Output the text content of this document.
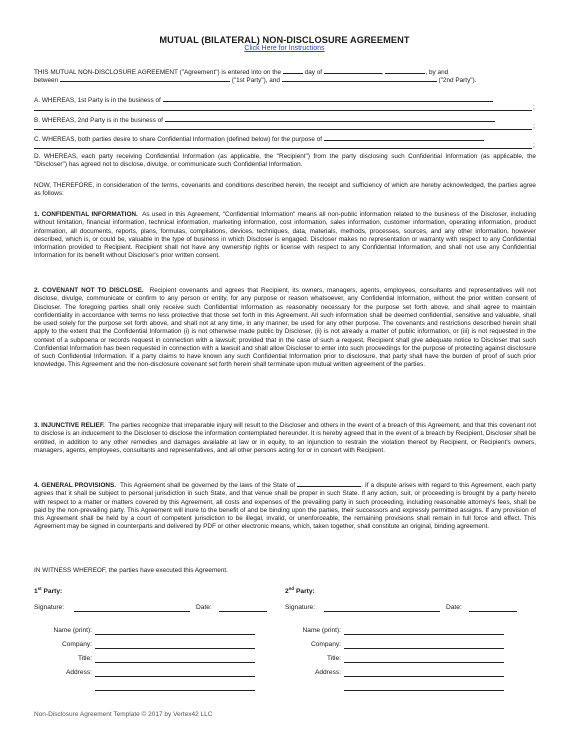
MUTUAL (BILATERAL) NON-DISCLOSURE AGREEMENT
Click Here for Instructions
THIS MUTUAL NON-DISCLOSURE AGREEMENT ("Agreement") is entered into on the	day of	,	, by and
between	("1st Party"), and	("2nd Party").
A. WHEREAS, 1st Party is in the business of
;
B. WHEREAS, 2nd Party is in the business of
;
C. WHEREAS, both parties desire to share Confidential Information (defined below) for the purpose of
;
D. WHEREAS, each party receiving Confidential Information (as applicable, the "Recipient") from the party disclosing such Confidential Information (as applicable, the "Discloser") has agreed not to disclose, divulge, or communicate such Confidential Information.
NOW, THEREFORE, in consideration of the terms, covenants and conditions described herein, the receipt and sufficiency of which are hereby acknowledged, the parties agree as follows:
1. CONFIDENTIAL INFORMATION. As used in this Agreement, "Confidential Information" means all non-public information related to the business of the Discloser, including without limitation, financial information, technical information, marketing information, cost information, sales information, customer information, operating information, product information, all documents, reports, plans, formulas, compilations, devices, techniques, data, materials, methods, processes, sources, and any other information, however described, which is, or could be, valuable in the type of business in which Discloser is engaged. Discloser makes no representation or warranty with respect to any Confidential Information provided to Recipient. Recipient shall not have any ownership rights or license with respect to any Confidential Information, and shall not use any Confidential Information for its benefit without Discloser's prior written consent.
2. COVENANT NOT TO DISCLOSE. Recipient covenants and agrees that Recipient, its owners, managers, agents, employees, consultants and representatives will not disclose, divulge, communicate or confirm to any person or entity, for any purpose or reason whatsoever, any Confidential Information, without the prior written consent of Discloser. The foregoing parties shall only receive such Confidential Information as reasonably necessary for the purpose set forth above, and shall agree to maintain confidentiality in accordance with terms no less protective that those set forth in this Agreement. All such information shall be deemed confidential, sensitive and valuable, shall be used solely for the purpose set forth above, and shall not at any time, in any manner, be used for any other purpose. The covenants and restrictions described herein shall apply to the extent that the Confidential Information (i) is not otherwise made public by Discloser, (ii) is not already a matter of public information, or (iii) is not requested in the context of a subpoena or records request in connection with a lawsuit; provided that in the case of such a request, Recipient shall give adequate notice to Discloser that such Confidential Information has been requested in connection with a lawsuit and shall allow Discloser to enter into such proceedings for the purpose of protecting against disclosure of such Confidential Information. If a party claims to have known any such Confidential Information prior to disclosure, that party shall have the burden of proof of such prior knowledge. This Agreement and the non-disclosure covenant set forth herein shall terminate upon mutual written agreement of the parties.
3. INJUNCTIVE RELIEF. The parties recognize that irreparable injury will result to the Discloser and others in the event of a breach of this Agreement, and that this covenant not to disclose is an inducement to the Discloser to disclose the information contemplated hereunder. It is hereby agreed that in the event of a breach by Recipient, Discloser shall be entitled, in addition to any other remedies and damages available at law or in equity, to an injunction to restrain the violation thereof by Recipient, or Recipient's owners, managers, agents, employees, consultants and representatives, and all other persons acting for or in concert with Recipient.
4. GENERAL PROVISIONS. This Agreement shall be governed by the laws of the State of	. If a dispute arises with regard to this Agreement, each party agrees that it shall be subject to personal jurisdiction in such State, and that venue shall be proper in such State. If any action, suit, or proceeding is brought by a party hereto with respect to a matter or matters covered by this Agreement, all costs and expenses of the prevailing party in such proceeding, including reasonable attorney's fees, shall be paid by the non-prevailing party. This Agreement will inure to the benefit of and be binding upon the parties, their successors and expressly permitted assigns. If any provision of this Agreement shall be held by a court of competent jurisdiction to be illegal, invalid, or unenforceable, the remaining provisions shall remain in full force and effect. This Agreement may be signed in counterparts and delivered by PDF or other electronic means, which, taken together, shall constitute an original, binding agreement.
IN WITNESS WHEREOF, the parties have executed this Agreement.
1st Party:	2nd Party:
Signature:	Date:	Signature:	Date:
Name (print):
Company:
Title:
Address:
Name (print):
Company:
Title:
Address:
Non-Disclosure Agreement Template © 2017 by Vertex42 LLC
